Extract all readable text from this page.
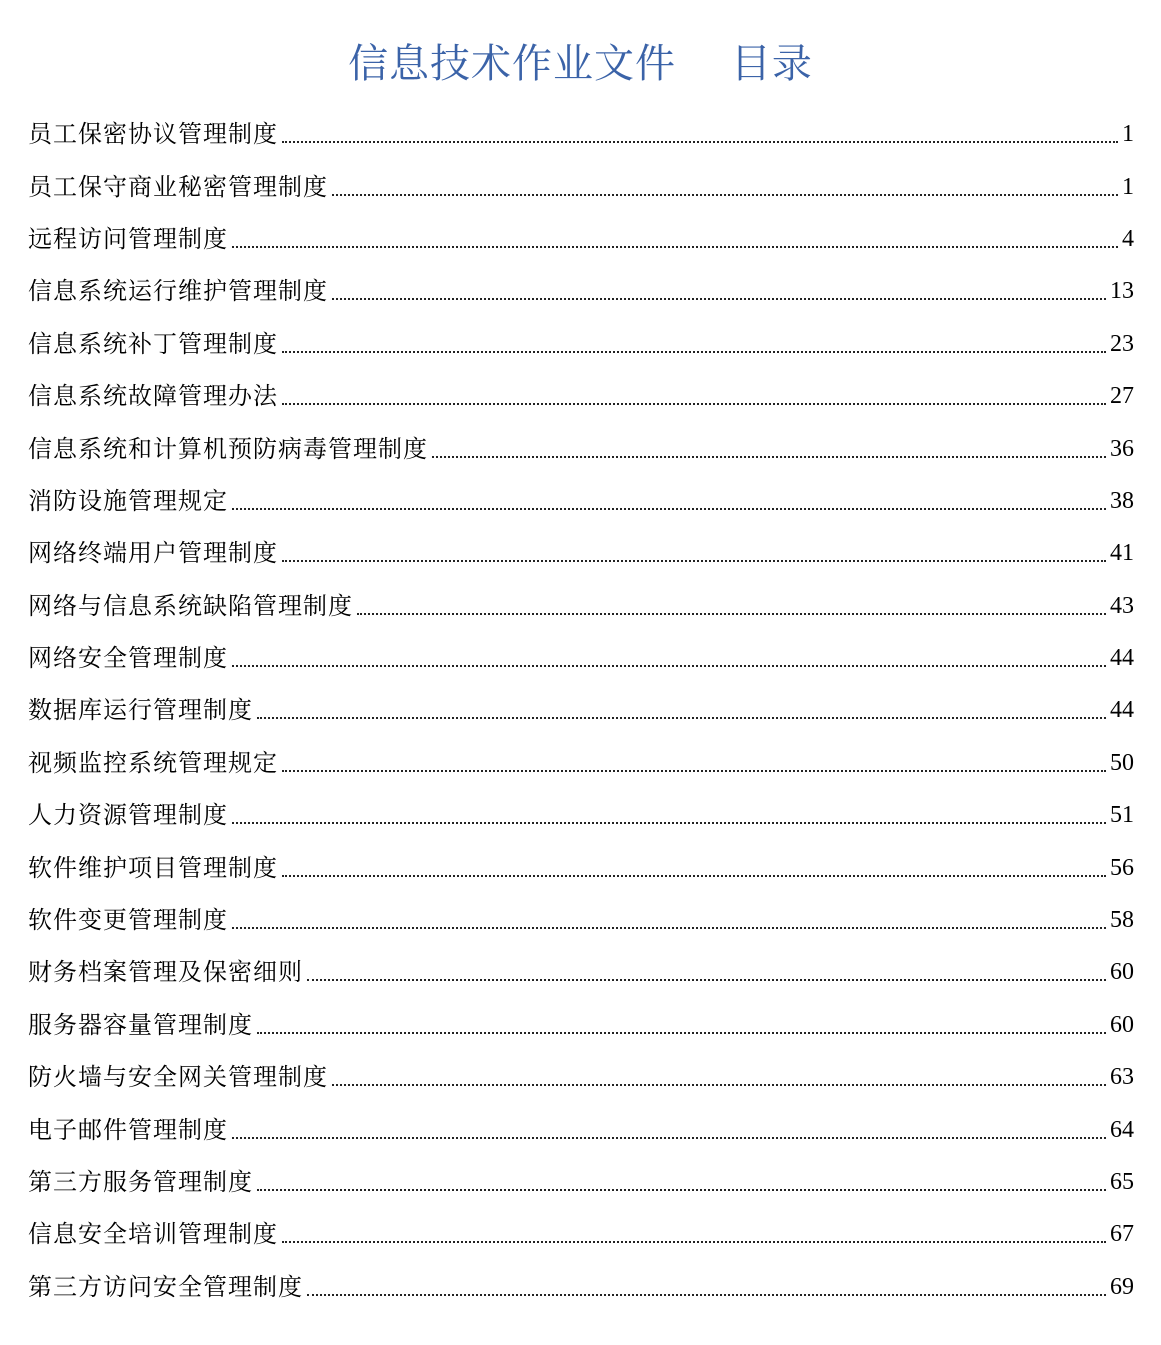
信息技术作业文件    目录
员工保密协议管理制度	1
员工保守商业秘密管理制度	1
远程访问管理制度	4
信息系统运行维护管理制度	13
信息系统补丁管理制度	23
信息系统故障管理办法	27
信息系统和计算机预防病毒管理制度	36
消防设施管理规定	38
网络终端用户管理制度	41
网络与信息系统缺陷管理制度	43
网络安全管理制度	44
数据库运行管理制度	44
视频监控系统管理规定	50
人力资源管理制度	51
软件维护项目管理制度	56
软件变更管理制度	58
财务档案管理及保密细则	60
服务器容量管理制度	60
防火墙与安全网关管理制度	63
电子邮件管理制度	64
第三方服务管理制度	65
信息安全培训管理制度	67
第三方访问安全管理制度	69
